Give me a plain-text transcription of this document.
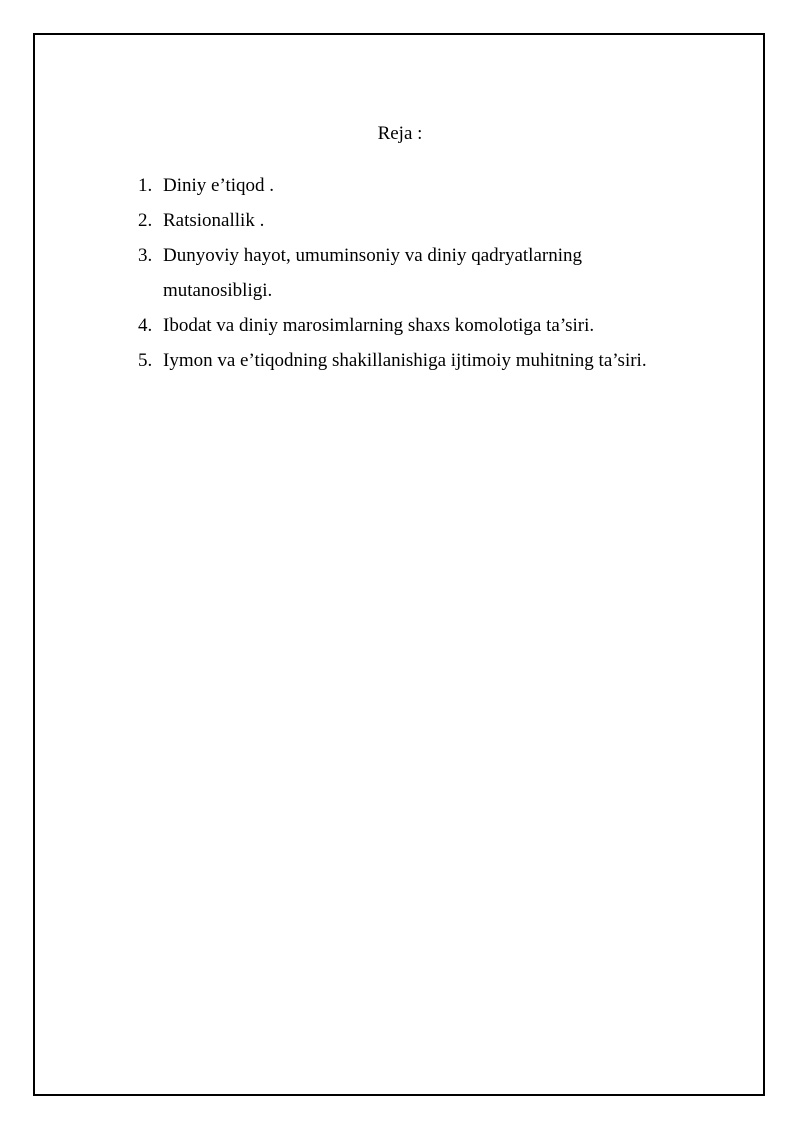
Reja :
1. Diniy e’tiqod .
2. Ratsionallik .
3. Dunyoviy hayot, umuminsoniy va diniy qadryatlarning mutanosibligi.
4. Ibodat va diniy marosimlarning shaxs komolotiga ta’siri.
5. Iymon va e’tiqodning shakillanishiga ijtimoiy muhitning ta’siri.
